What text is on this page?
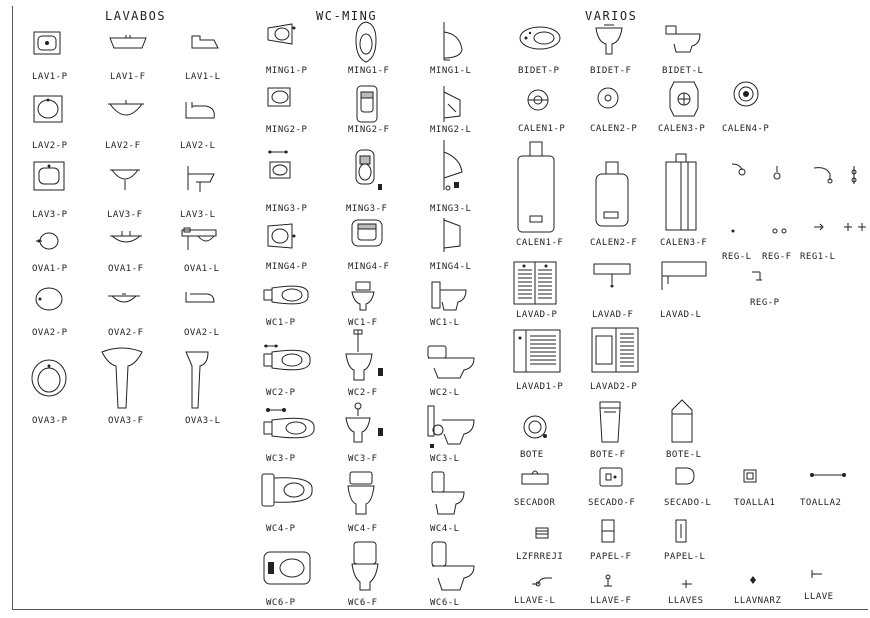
LAVABOS	WC-MING	VARIOS
LAV1-P	LAV1-F	LAV1-L
LAV2-P	LAV2-F	LAV2-L
LAV3-P	LAV3-F	LAV3-L
OVA1-P	OVA1-F	OVA1-L
OVA2-P	OVA2-F	OVA2-L
OVA3-P	OVA3-F	OVA3-L
MING1-P	MING1-F	MING1-L
MING2-P	MING2-F	MING2-L
MING3-P	MING3-F	MING3-L
MING4-P	MING4-F	MING4-L
WC1-P	WC1-F	WC1-L
WC2-P	WC2-F	WC2-L
WC3-P	WC3-F	WC3-L
WC4-P	WC4-F	WC4-L
WC6-P	WC6-F	WC6-L
BIDET-P	BIDET-F	BIDET-L
CALEN1-P	CALEN2-P CALEN3-P CALEN4-P
CALEN1-F	CALEN2-F	CALEN3-F
REG-L REG-F REG1-L
REG-P
LAVAD-P	LAVAD-F	LAVAD-L
LAVAD1-P	LAVAD2-P
BOTE	BOTE-F	BOTE-L
SECADOR	SECADO-F	SECADO-L	TOALLA1	TOALLA2
LZFRREJI	PAPEL-F	PAPEL-L
LLAVE-L	LLAVE-F	LLAVES	LLAVNARZ	LLAVE
